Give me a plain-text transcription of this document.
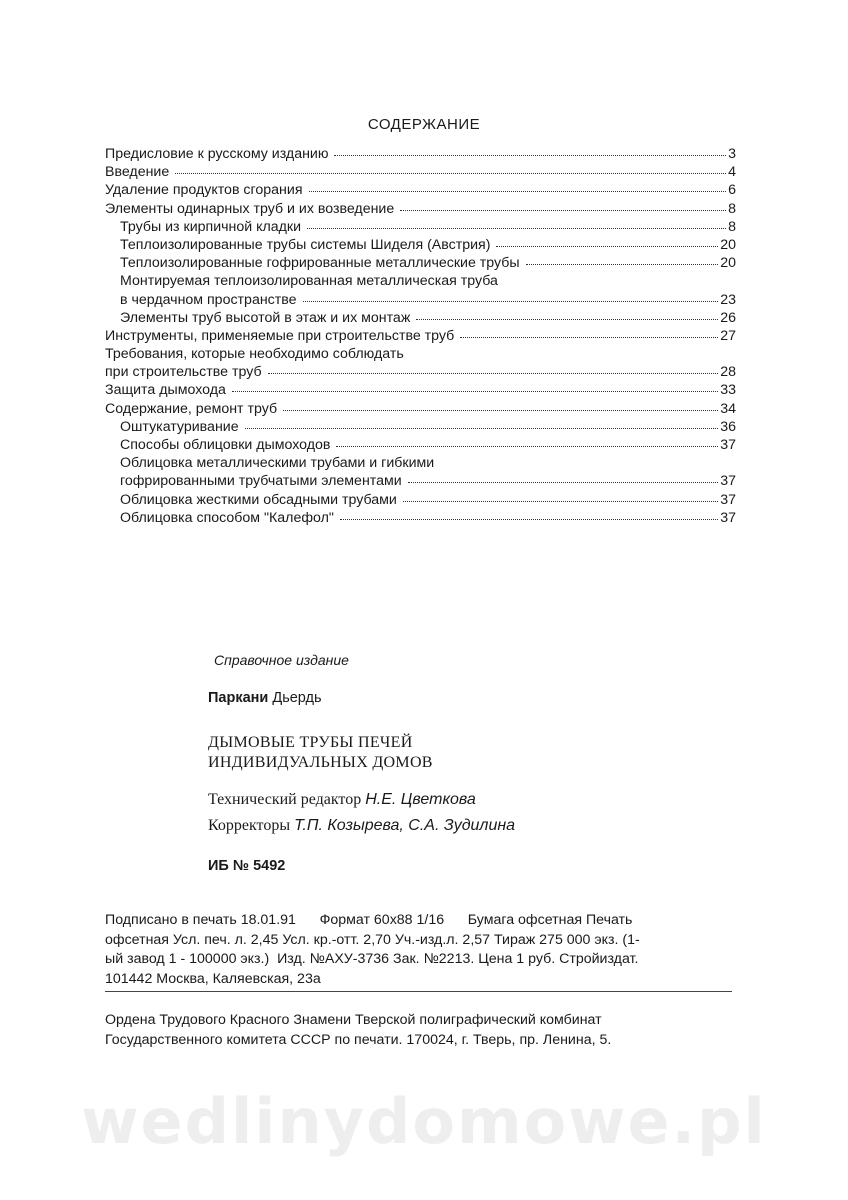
СОДЕРЖАНИЕ
Предисловие к русскому изданию	3
Введение	4
Удаление продуктов сгорания	6
Элементы одинарных труб и их возведение	8
Трубы из кирпичной кладки	8
Теплоизолированные трубы системы Шиделя (Австрия)	20
Теплоизолированные гофрированные металлические трубы	20
Монтируемая теплоизолированная металлическая труба
в чердачном пространстве	23
Элементы труб высотой в этаж и их монтаж	26
Инструменты, применяемые при строительстве труб	27
Требования, которые необходимо соблюдать
при строительстве труб	28
Защита дымохода	33
Содержание, ремонт труб	34
Оштукатуривание	36
Способы облицовки дымоходов	37
Облицовка металлическими трубами и гибкими
гофрированными трубчатыми элементами	37
Облицовка жесткими обсадными трубами	37
Облицовка способом "Калефол"	37
Справочное издание
Паркани Дьердь
ДЫМОВЫЕ ТРУБЫ ПЕЧЕЙ
ИНДИВИДУАЛЬНЫХ ДОМОВ
Технический редактор Н.Е. Цветкова
Корректоры Т.П. Козырева, С.А. Зудилина
ИБ № 5492
Подписано в печать 18.01.91      Формат 60х88 1/16      Бумага офсетная Печать
офсетная Усл. печ. л. 2,45 Усл. кр.-отт. 2,70 Уч.-изд.л. 2,57 Тираж 275 000 экз. (1-
ый завод 1 - 100000 экз.)  Изд. №АХУ-3736 Зак. №2213. Цена 1 руб. Стройиздат.
101442 Москва, Каляевская, 23а
Ордена Трудового Красного Знамени Тверской полиграфический комбинат
Государственного комитета СССР по печати. 170024, г. Тверь, пр. Ленина, 5.
wedlinydomowe.pl
